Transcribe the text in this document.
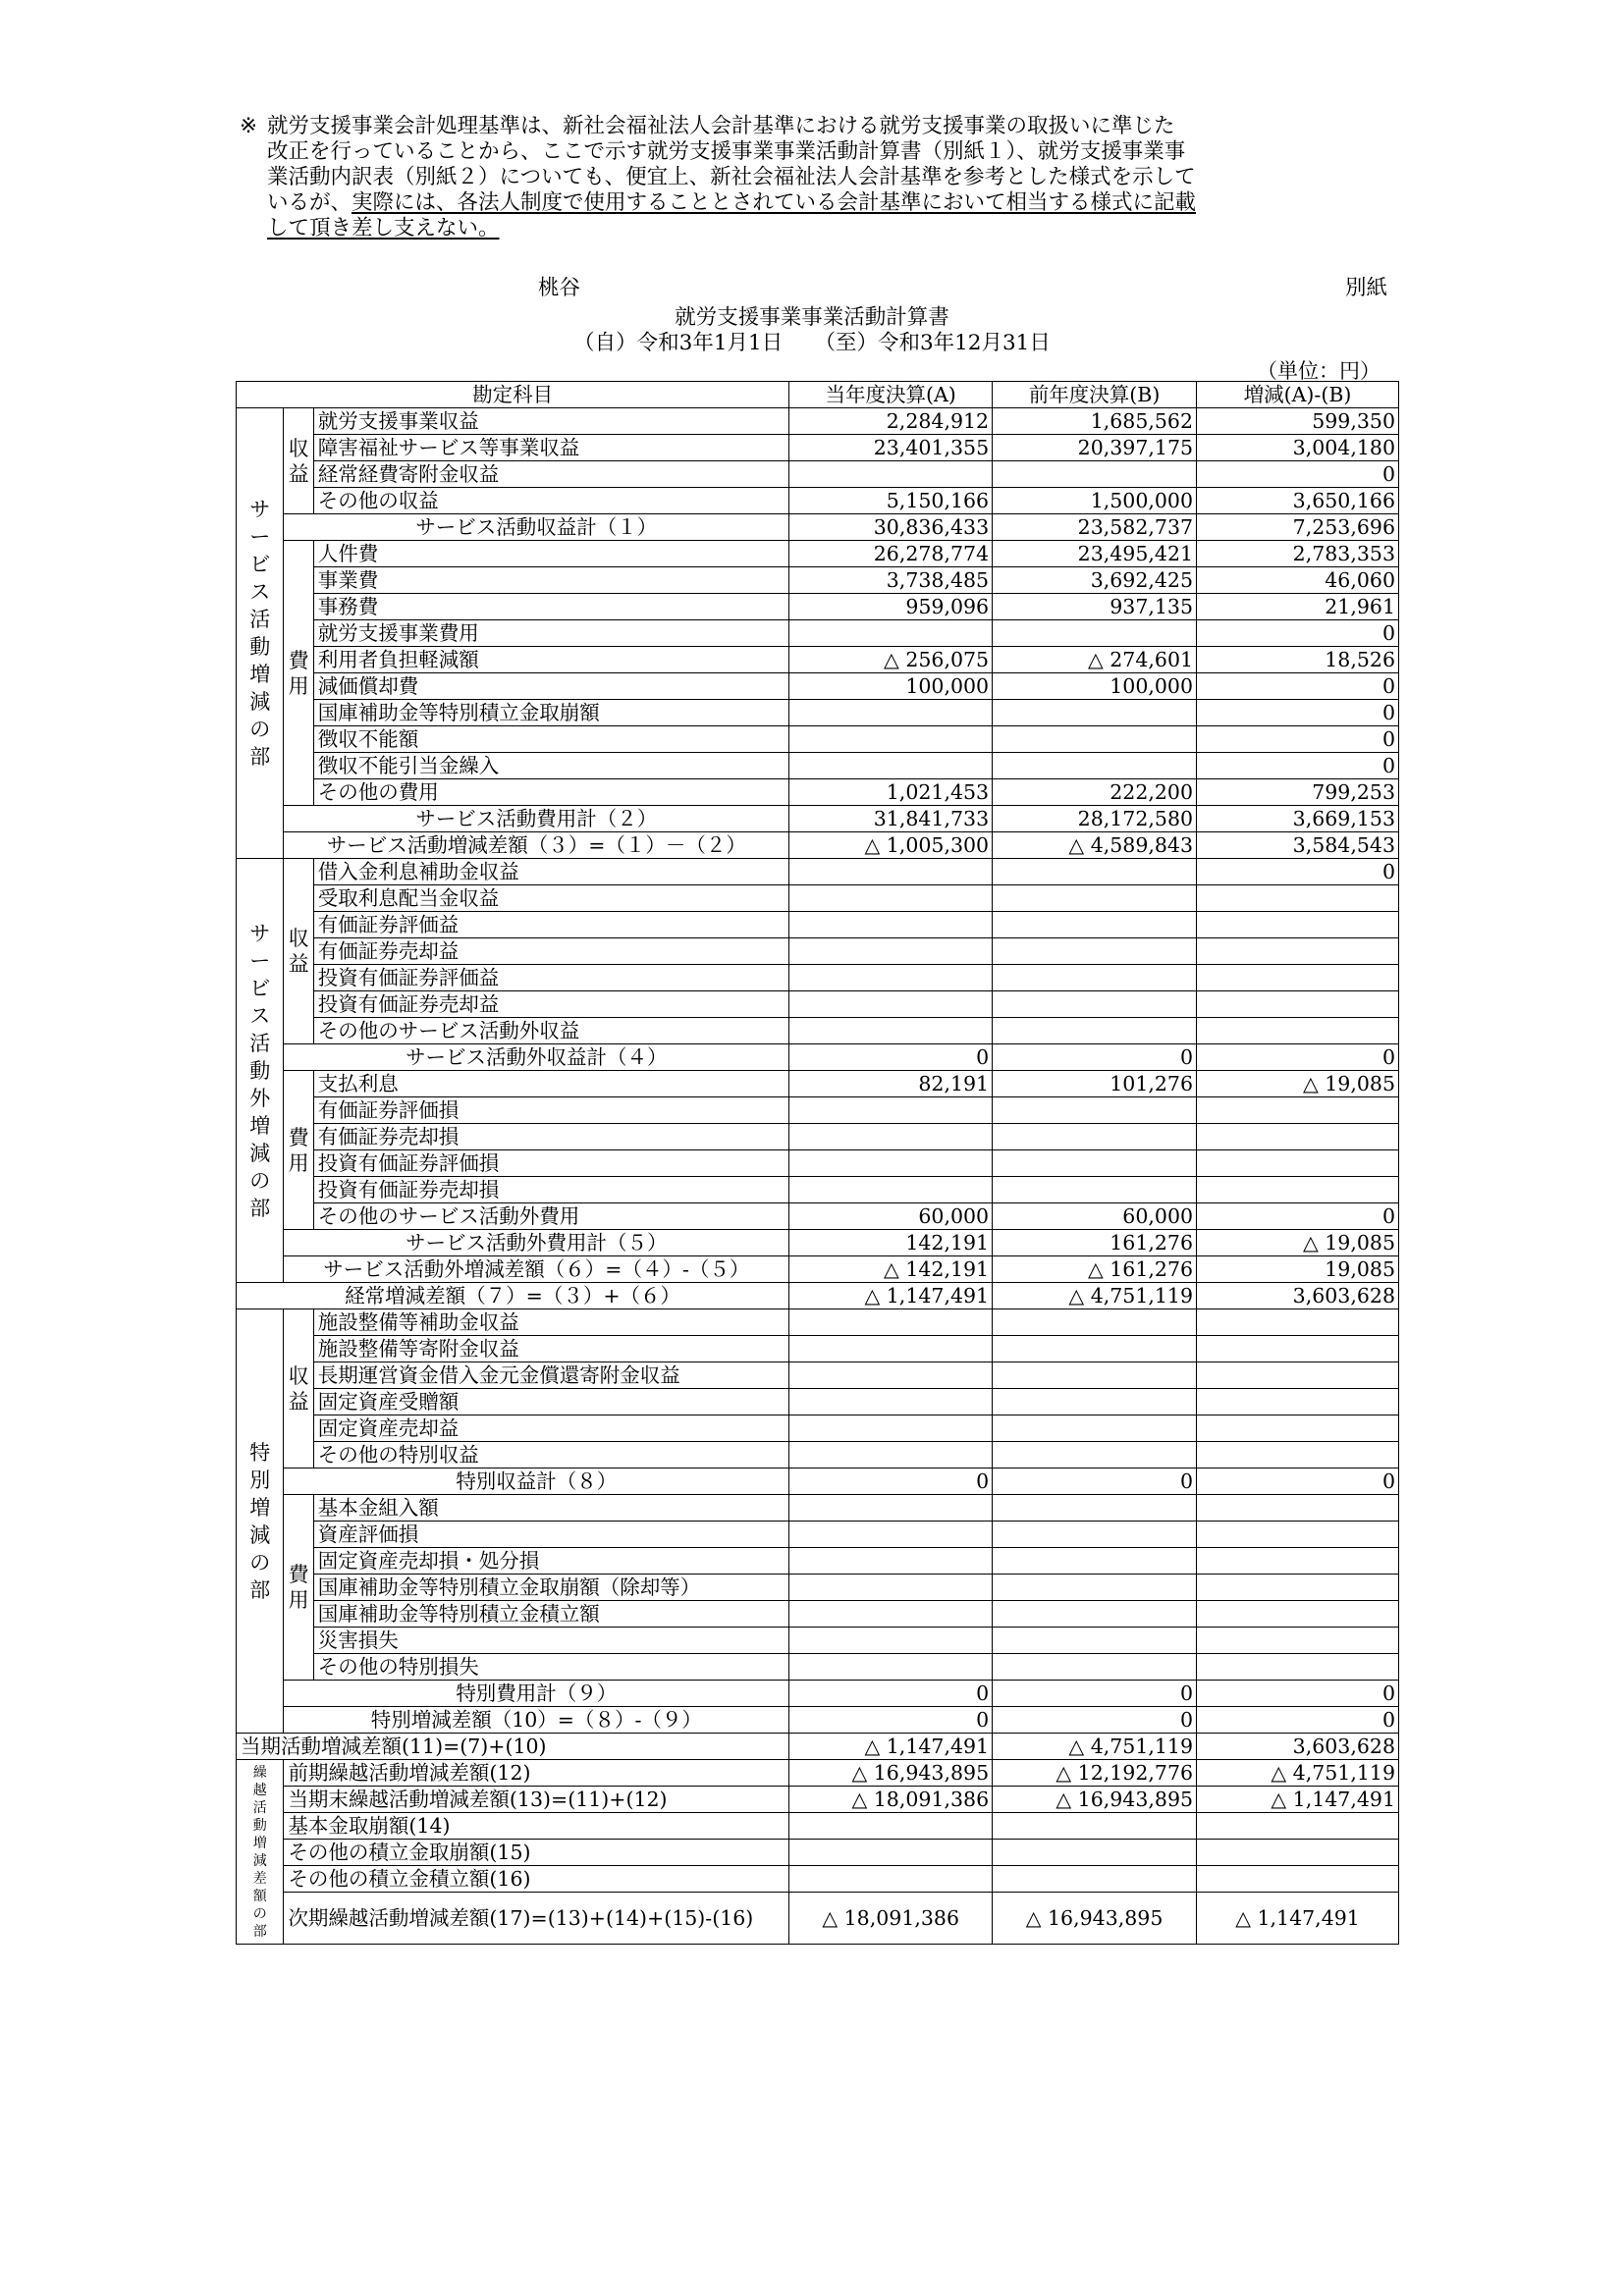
※ 就労支援事業会計処理基準は、新社会福祉法人会計基準における就労支援事業の取扱いに準じた
改正を行っていることから、ここで示す就労支援事業事業活動計算書（別紙１）、就労支援事業事
業活動内訳表（別紙２）についても、便宜上、新社会福祉法人会計基準を参考とした様式を示して
いるが、実際には、各法人制度で使用することとされている会計基準において相当する様式に記載
して頂き差し支えない。
桃谷	別紙
就労支援事業事業活動計算書
（自）令和3年1月1日　　（至）令和3年12月31日
（単位：円）
勘定科目			当年度決算(A)	前年度決算(B)	増減(A)-(B)
サービス活動増減の部	収益	就労支援事業収益	2,284,912	1,685,562	599,350
		障害福祉サービス等事業収益	23,401,355	20,397,175	3,004,180
		経常経費寄附金収益			0
		その他の収益	5,150,166	1,500,000	3,650,166
	サービス活動収益計（１）		30,836,433	23,582,737	7,253,696
	費用	人件費	26,278,774	23,495,421	2,783,353
		事業費	3,738,485	3,692,425	46,060
		事務費	959,096	937,135	21,961
		就労支援事業費用			0
		利用者負担軽減額	△ 256,075	△ 274,601	18,526
		減価償却費	100,000	100,000	0
		国庫補助金等特別積立金取崩額			0
		徴収不能額			0
		徴収不能引当金繰入			0
		その他の費用	1,021,453	222,200	799,253
	サービス活動費用計（２）		31,841,733	28,172,580	3,669,153
	サービス活動増減差額（３）=（１）－（２）		△ 1,005,300	△ 4,589,843	3,584,543
サービス活動外増減の部	収益	借入金利息補助金収益			0
		受取利息配当金収益			
		有価証券評価益			
		有価証券売却益			
		投資有価証券評価益			
		投資有価証券売却益			
		その他のサービス活動外収益			
	サービス活動外収益計（４）		0	0	0
	費用	支払利息	82,191	101,276	△ 19,085
		有価証券評価損			
		有価証券売却損			
		投資有価証券評価損			
		投資有価証券売却損			
		その他のサービス活動外費用	60,000	60,000	0
	サービス活動外費用計（５）		142,191	161,276	△ 19,085
	サービス活動外増減差額（６）=（４）-（５）		△ 142,191	△ 161,276	19,085
経常増減差額（７）=（３）+（６）			△ 1,147,491	△ 4,751,119	3,603,628
特別増減の部	収益	施設整備等補助金収益			
		施設整備等寄附金収益			
		長期運営資金借入金元金償還寄附金収益			
		固定資産受贈額			
		固定資産売却益			
		その他の特別収益			
	特別収益計（８）		0	0	0
	費用	基本金組入額			
		資産評価損			
		固定資産売却損・処分損			
		国庫補助金等特別積立金取崩額（除却等）			
		国庫補助金等特別積立金積立額			
		災害損失			
		その他の特別損失			
	特別費用計（９）		0	0	0
	特別増減差額（10）=（８）-（９）		0	0	0
当期活動増減差額(11)=(7)+(10)			△ 1,147,491	△ 4,751,119	3,603,628
繰越活動増減差額の部	前期繰越活動増減差額(12)		△ 16,943,895	△ 12,192,776	△ 4,751,119
	当期末繰越活動増減差額(13)=(11)+(12)		△ 18,091,386	△ 16,943,895	△ 1,147,491
	基本金取崩額(14)				
	その他の積立金取崩額(15)				
	その他の積立金積立額(16)				
	次期繰越活動増減差額(17)=(13)+(14)+(15)-(16)		△ 18,091,386	△ 16,943,895	△ 1,147,491
